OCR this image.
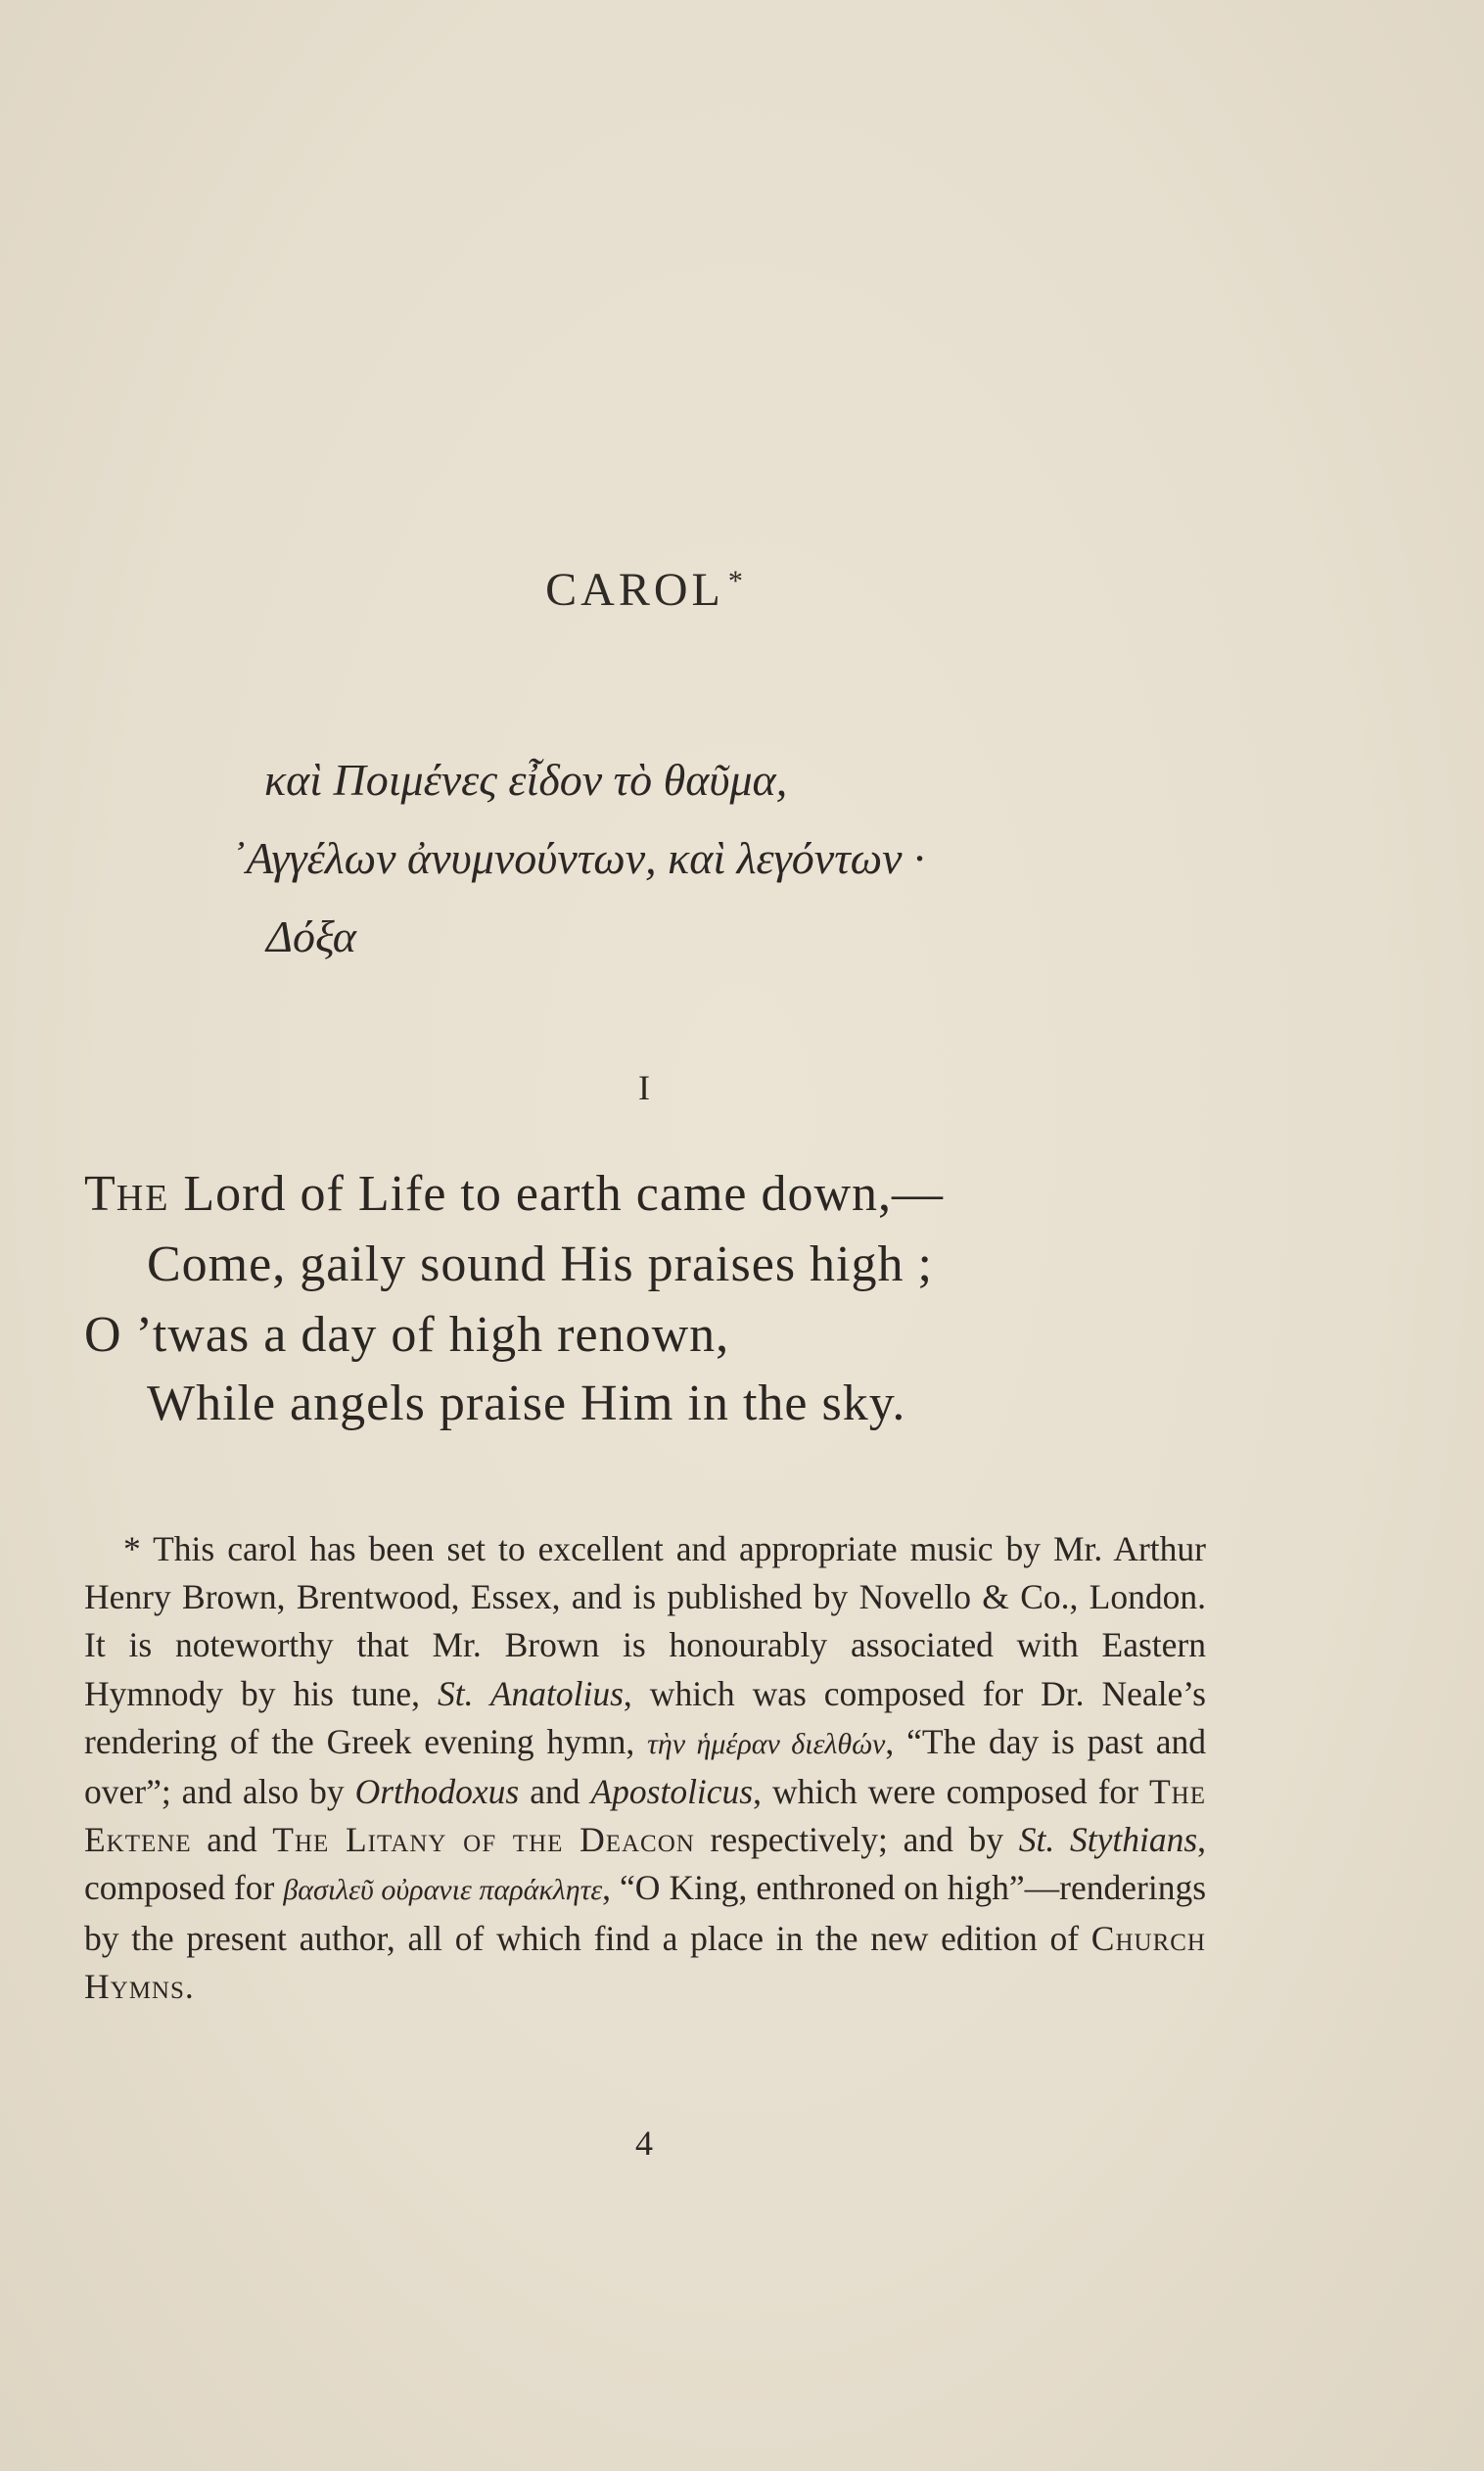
CAROL *
καὶ Ποιμένες εἶδον τὸ θαῦμα,
᾿Αγγέλων ἀνυμνούντων, καὶ λεγόντων ·
Δόξα
I
THE Lord of Life to earth came down,—
Come, gaily sound His praises high ;
O ’twas a day of high renown,
While angels praise Him in the sky.
* This carol has been set to excellent and appropriate music by Mr. Arthur Henry Brown, Brentwood, Essex, and is published by Novello & Co., London. It is noteworthy that Mr. Brown is honourably associated with Eastern Hymnody by his tune, St. Anatolius, which was composed for Dr. Neale’s rendering of the Greek evening hymn, τὴν ἡμέραν διελθών, “The day is past and over”; and also by Orthodoxus and Apostolicus, which were composed for The Ektene and The Litany of the Deacon respectively; and by St. Stythians, composed for βασιλεῦ οὐρανιε παράκλητε, “O King, enthroned on high”—renderings by the present author, all of which find a place in the new edition of Church Hymns.
4
